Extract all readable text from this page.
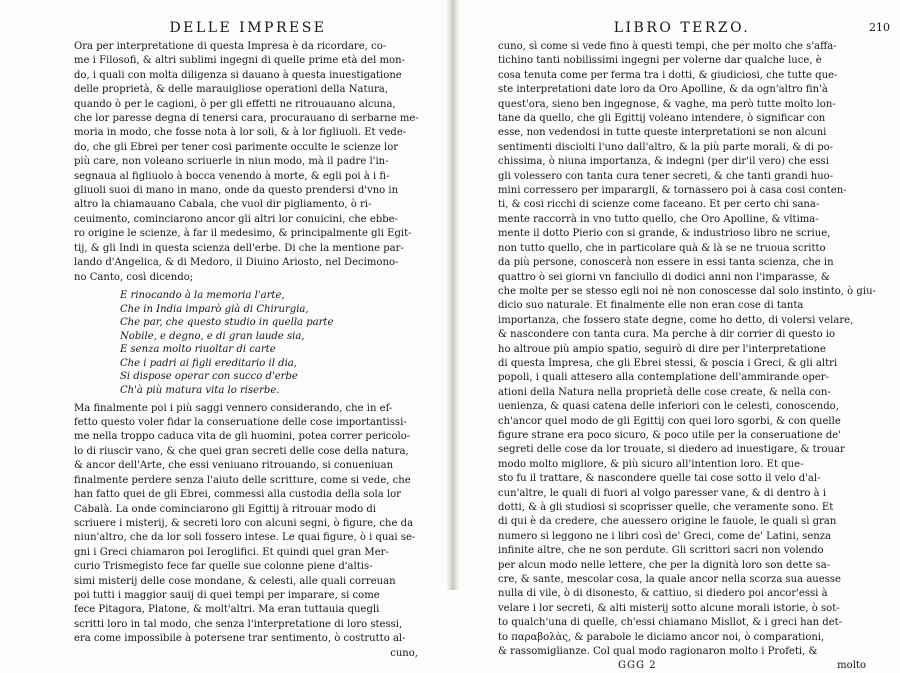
DELLE IMPRESE

Ora per interpretatione di questa Impresa è da ricordare, co-
me i Filosofi, & altri sublimi ingegni di quelle prime età del mon-
do, i quali con molta diligenza si dauano à questa inuestigatione
delle proprietà, & delle marauigliose operationi della Natura,
quando ò per le cagioni, ò per gli effetti ne ritrouauano alcuna,
che lor paresse degna di tenersi cara, procurauano di serbarne me-
moria in modo, che fosse nota à lor soli, & à lor figliuoli. Et vede-
do, che gli Ebrei per tener cosi parimente occulte le scienze lor
più care, non voleano scriuerle in niun modo, mà il padre l'in-
segnaua al figliuolo à bocca venendo à morte, & egli poi à i fi-
gliuoli suoi di mano in mano, onde da questo prendersi d'vno in
altro la chiamauano Cabala, che vuol dir pigliamento, ò ri-
ceuimento, cominciarono ancor gli altri lor conuicini, che ebbe-
ro origine le scienze, à far il medesimo, & principalmente gli Egit-
tij, & gli Indi in questa scienza dell'erbe. Di che la mentione par-
lando d'Angelica, & di Medoro, il Diuino Ariosto, nel Decimono-
no Canto, così dicendo;

E rinocando à la memoria l'arte,
Che in India imparò già di Chirurgia,
Che par, che questo studio in quella parte
Nobile, e degno, e di gran laude sia,
E senza molto riuoltar di carte
Che i padri ai figli ereditario il dia,
Si dispose operar con succo d'erbe
Ch'à più matura vita lo riserbe.

Ma finalmente poi i più saggi vennero considerando, che in ef-
fetto questo voler fidar la conseruatione delle cose importantissi-
me nella troppo caduca vita de gli huomini, potea correr pericolo-
lo di riuscir vano, & che quei gran secreti delle cose della natura,
& ancor dell'Arte, che essi veniuano ritrouando, si conueniuan
finalmente perdere senza l'aiuto delle scritture, come si vede, che
han fatto quei de gli Ebrei, commessi alla custodia della sola lor
Cabalà. La onde cominciarono gli Egittij à ritrouar modo di
scriuere i misterij, & secreti loro con alcuni segni, ò figure, che da
niun'altro, che da lor soli fossero intese. Le quai figure, ò i quai se-
gni i Greci chiamaron poi Ieroglifici. Et quindi quel gran Mer-
curio Trismegisto fece far quelle sue colonne piene d'altis-
simi misterij delle cose mondane, & celesti, alle quali correuan
poi tutti i maggior sauij di quei tempi per imparare, si come
fece Pitagora, Platone, & molt'altri. Ma eran tuttauia quegli
scritti loro in tal modo, che senza l'interpretatione di loro stessi,
era come impossibile à potersene trar sentimento, ò costrutto al-

cuno,
LIBRO TERZO.	210

cuno, sì come si vede fino à questi tempi, che per molto che s'affa-
tichino tanti nobilissimi ingegni per volerne dar qualche luce, è
cosa tenuta come per ferma tra i dotti, & giudiciosi, che tutte que-
ste interpretationi date loro da Oro Apolline, & da ogn'altro fin'à
quest'ora, sieno ben ingegnose, & vaghe, ma però tutte molto lon-
tane da quello, che gli Egittij voleano intendere, ò significar con
esse, non vedendosi in tutte queste interpretationi se non alcuni
sentimenti disciolti l'uno dall'altro, & la più parte morali, & di po-
chissima, ò niuna importanza, & indegni (per dir'il vero) che essi
gli volessero con tanta cura tener secreti, & che tanti grandi huo-
mini corressero per imparargli, & tornassero poi à casa cosi conten-
ti, & cosi ricchi di scienze come faceano. Et per certo chi sana-
mente raccorrà in vno tutto quello, che Oro Apolline, & vltima-
mente il dotto Pierio con si grande, & industrioso libro ne scriue,
non tutto quello, che in particolare quà & là se ne truoua scritto
da più persone, conoscerà non essere in essi tanta scienza, che in
quattro ò sei giorni vn fanciullo di dodici anni non l'imparasse, &
che molte per se stesso egli noi nè non conoscesse dal solo instinto, ò giu-
dicio suo naturale. Et finalmente elle non eran cose di tanta
importanza, che fossero state degne, come ho detto, di volersi velare,
& nascondere con tanta cura. Ma perche à dir corrier di questo io
ho altroue più ampio spatio, seguirò di dire per l'interpretatione
di questa Impresa, che gli Ebrei stessi, & poscia i Greci, & gli altri
popoli, i quali attesero alla contemplatione dell'ammirande oper-
ationi della Natura nella proprietà delle cose create, & nella con-
uenienza, & quasi catena delle inferiori con le celesti, conoscendo,
ch'ancor quel modo de gli Egittij con quei loro sgorbi, & con quelle
figure strane era poco sicuro, & poco utile per la conseruatione de'
segreti delle cose da lor trouate, si diedero ad inuestigare, & trouar
modo molto migliore, & più sicuro all'intention loro. Et que-
sto fu il trattare, & nascondere quelle tai cose sotto il velo d'al-
cun'altre, le quali di fuori al volgo paresser vane, & di dentro à i
dotti, & à gli studiosi si scoprisser quelle, che veramente sono. Et
di qui è da credere, che auessero origine le fauole, le quali sì gran
numero si leggono ne i libri così de' Greci, come de' Latini, senza
infinite altre, che ne son perdute. Gli scrittori sacri non volendo
per alcun modo nelle lettere, che per la dignità loro son dette sa-
cre, & sante, mescolar cosa, la quale ancor nella scorza sua auesse
nulla di vile, ò di disonesto, & cattiuo, si diedero poi ancor'essi à
velare i lor secreti, & alti misterij sotto alcune morali istorie, ò sot-
to qualch'una di quelle, ch'essi chiamano Misllot, & i greci han det-
to παραβολὰς, & parabole le diciamo ancor noi, ò comparationi,
& rassomiglianze. Col qual modo ragionaron molto i Profeti, &

GGG 2	molto
